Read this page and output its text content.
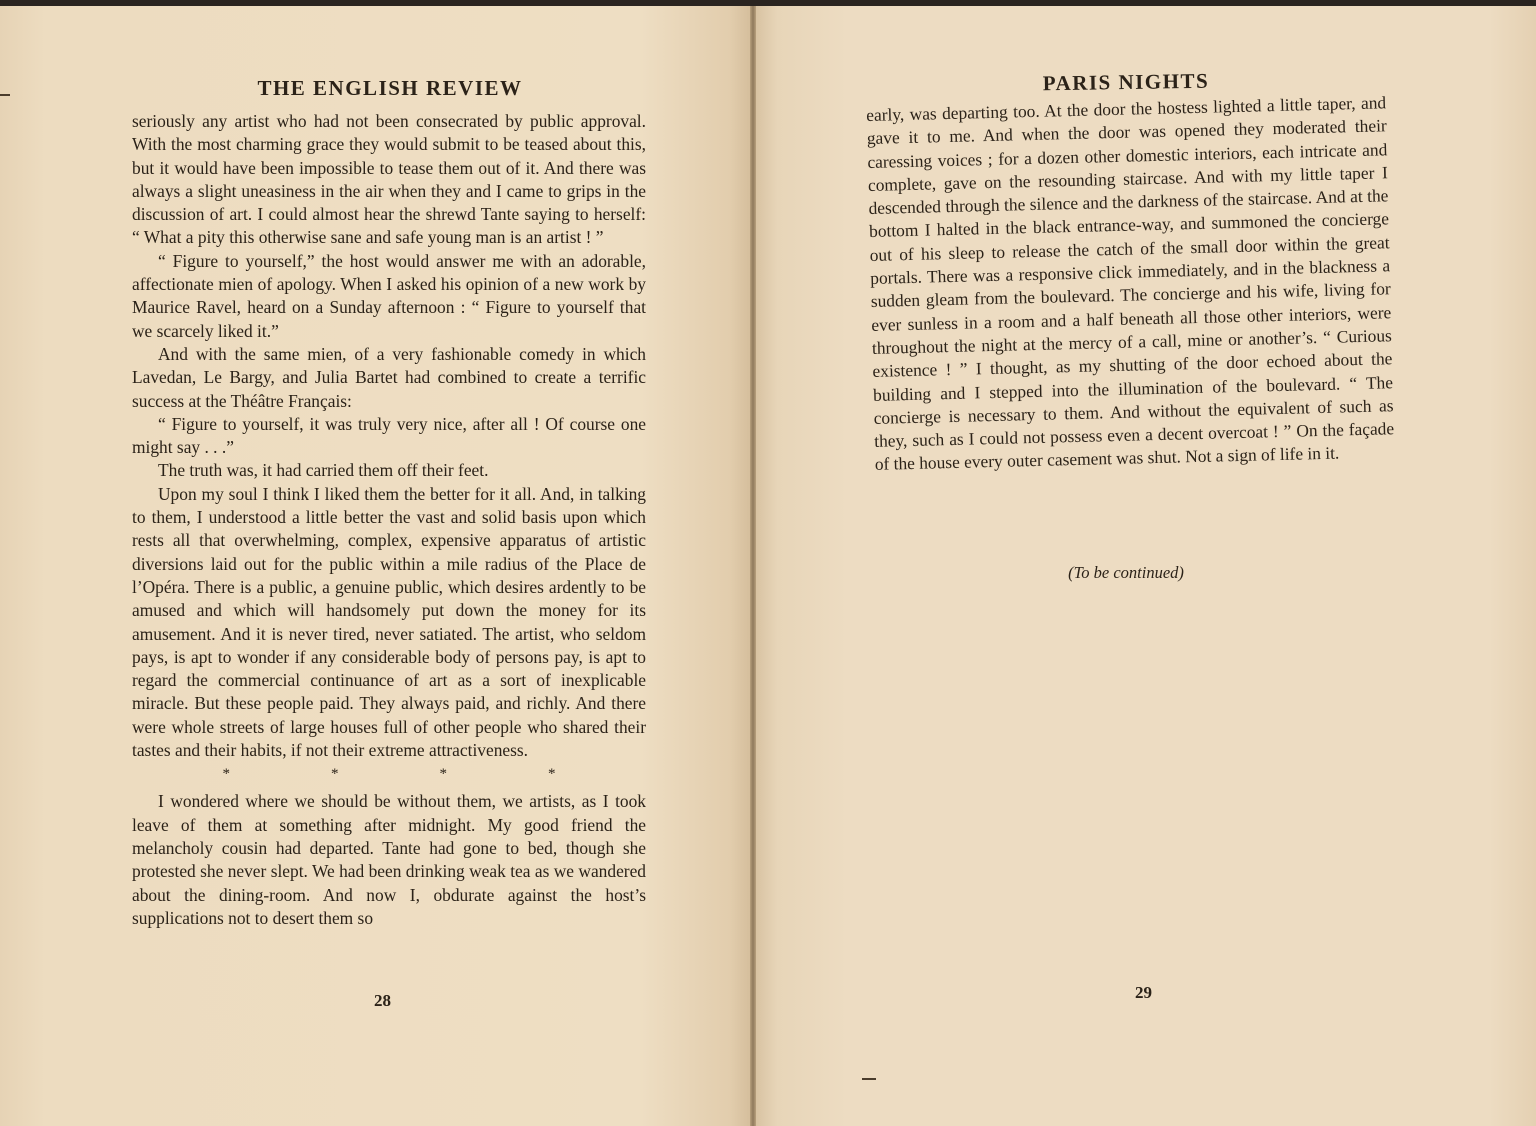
THE ENGLISH REVIEW

seriously any artist who had not been consecrated by public approval. With the most charming grace they would submit to be teased about this, but it would have been impossible to tease them out of it. And there was always a slight uneasiness in the air when they and I came to grips in the discussion of art. I could almost hear the shrewd Tante saying to herself: “ What a pity this otherwise sane and safe young man is an artist ! ”

“ Figure to yourself,” the host would answer me with an adorable, affectionate mien of apology. When I asked his opinion of a new work by Maurice Ravel, heard on a Sunday afternoon : “ Figure to yourself that we scarcely liked it.”

And with the same mien, of a very fashionable comedy in which Lavedan, Le Bargy, and Julia Bartet had combined to create a terrific success at the Théâtre Français:

“ Figure to yourself, it was truly very nice, after all ! Of course one might say . . .”

The truth was, it had carried them off their feet.

Upon my soul I think I liked them the better for it all. And, in talking to them, I understood a little better the vast and solid basis upon which rests all that overwhelming, complex, expensive apparatus of artistic diversions laid out for the public within a mile radius of the Place de l’Opéra. There is a public, a genuine public, which desires ardently to be amused and which will handsomely put down the money for its amusement. And it is never tired, never satiated. The artist, who seldom pays, is apt to wonder if any considerable body of persons pay, is apt to regard the commercial continuance of art as a sort of inexplicable miracle. But these people paid. They always paid, and richly. And there were whole streets of large houses full of other people who shared their tastes and their habits, if not their extreme attractiveness.

*	*	*	*

I wondered where we should be without them, we artists, as I took leave of them at something after midnight. My good friend the melancholy cousin had departed. Tante had gone to bed, though she protested she never slept. We had been drinking weak tea as we wandered about the dining-room. And now I, obdurate against the host’s supplications not to desert them so

28
PARIS NIGHTS

early, was departing too. At the door the hostess lighted a little taper, and gave it to me. And when the door was opened they moderated their caressing voices ; for a dozen other domestic interiors, each intricate and complete, gave on the resounding staircase. And with my little taper I descended through the silence and the darkness of the staircase. And at the bottom I halted in the black entrance-way, and summoned the concierge out of his sleep to release the catch of the small door within the great portals. There was a responsive click immediately, and in the blackness a sudden gleam from the boulevard. The concierge and his wife, living for ever sunless in a room and a half beneath all those other interiors, were throughout the night at the mercy of a call, mine or another’s. “ Curious existence ! ” I thought, as my shutting of the door echoed about the building and I stepped into the illumination of the boulevard. “ The concierge is necessary to them. And without the equivalent of such as they, such as I could not possess even a decent overcoat ! ” On the façade of the house every outer casement was shut. Not a sign of life in it.

(To be continued)
29
